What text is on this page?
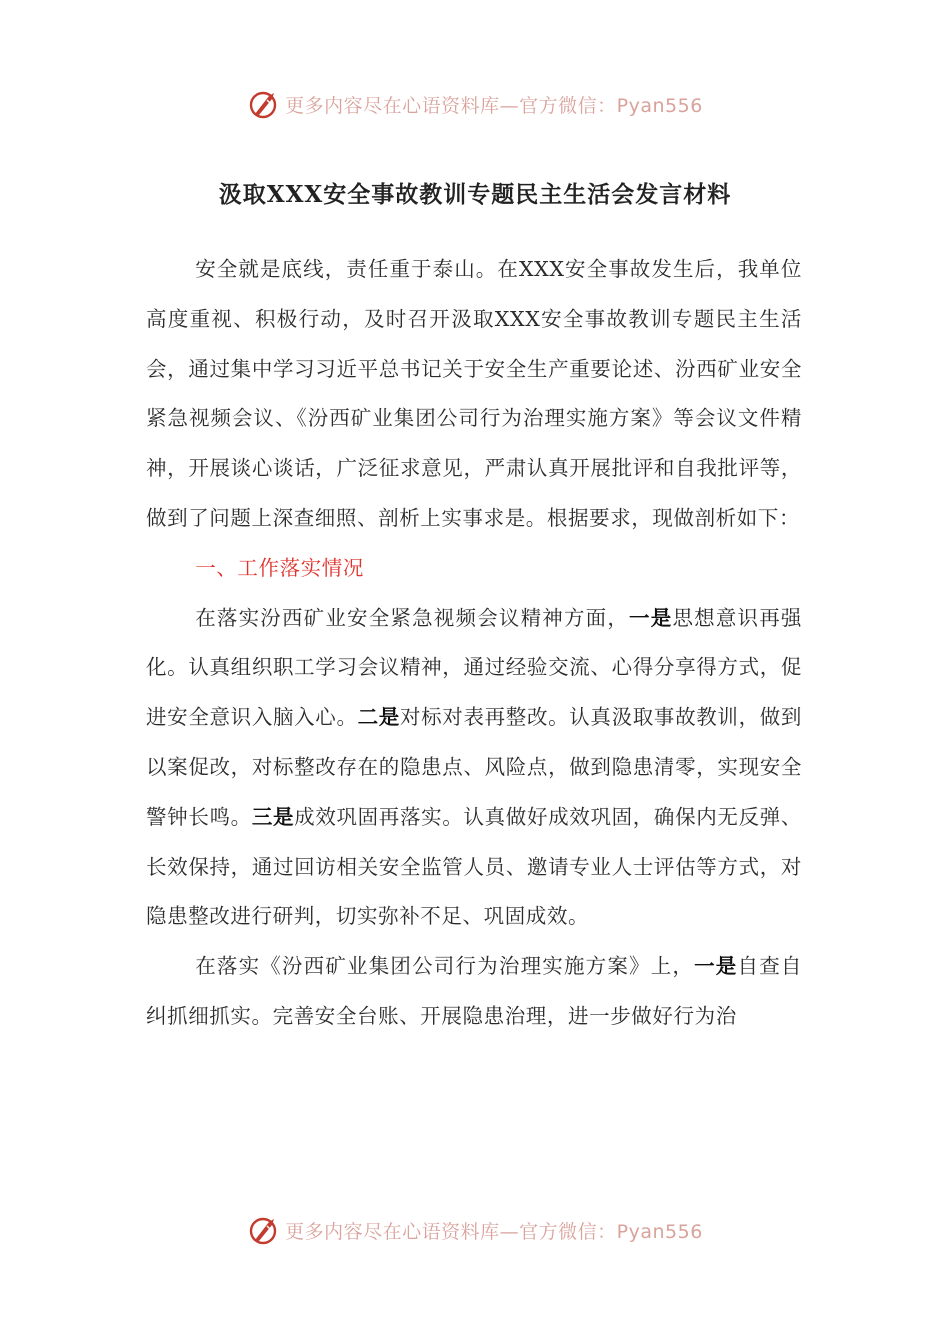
更多内容尽在心语资料库—官方微信：Pyan556
汲取XXX安全事故教训专题民主生活会发言材料

安全就是底线，责任重于泰山。在XXX安全事故发生后，我单位高度重视、积极行动，及时召开汲取XXX安全事故教训专题民主生活会，通过集中学习习近平总书记关于安全生产重要论述、汾西矿业安全紧急视频会议、《汾西矿业集团公司行为治理实施方案》等会议文件精神，开展谈心谈话，广泛征求意见，严肃认真开展批评和自我批评等，做到了问题上深查细照、剖析上实事求是。根据要求，现做剖析如下：

一、工作落实情况

在落实汾西矿业安全紧急视频会议精神方面，一是思想意识再强化。认真组织职工学习会议精神，通过经验交流、心得分享得方式，促进安全意识入脑入心。二是对标对表再整改。认真汲取事故教训，做到以案促改，对标整改存在的隐患点、风险点，做到隐患清零，实现安全警钟长鸣。三是成效巩固再落实。认真做好成效巩固，确保内无反弹、长效保持，通过回访相关安全监管人员、邀请专业人士评估等方式，对隐患整改进行研判，切实弥补不足、巩固成效。

在落实《汾西矿业集团公司行为治理实施方案》上，一是自查自纠抓细抓实。完善安全台账、开展隐患治理，进一步做好行为治

更多内容尽在心语资料库—官方微信：Pyan556
